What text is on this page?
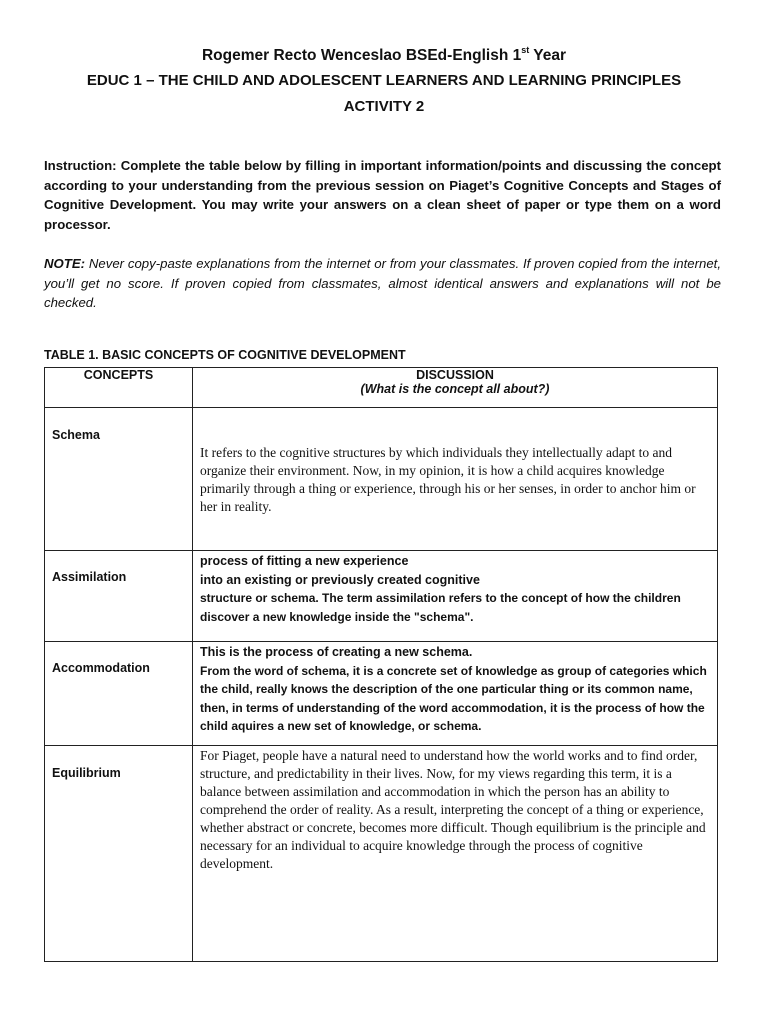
Rogemer Recto Wenceslao BSEd-English 1st Year
EDUC 1 – THE CHILD AND ADOLESCENT LEARNERS AND LEARNING PRINCIPLES
ACTIVITY 2
Instruction: Complete the table below by filling in important information/points and discussing the concept according to your understanding from the previous session on Piaget’s Cognitive Concepts and Stages of Cognitive Development. You may write your answers on a clean sheet of paper or type them on a word processor.
NOTE: Never copy-paste explanations from the internet or from your classmates. If proven copied from the internet, you’ll get no score. If proven copied from classmates, almost identical answers and explanations will not be checked.
TABLE 1. BASIC CONCEPTS OF COGNITIVE DEVELOPMENT
CONCEPTS	DISCUSSION
(What is the concept all about?)

Schema	It refers to the cognitive structures by which individuals they intellectually adapt to and organize their environment. Now, in my opinion, it is how a child acquires knowledge primarily through a thing or experience, through his or her senses, in order to anchor him or her in reality.

Assimilation	process of fitting a new experience
into an existing or previously created cognitive
structure or schema. The term assimilation refers to the concept of how the children discover a new knowledge inside the "schema".

Accommodation	This is the process of creating a new schema.
From the word of schema, it is a concrete set of knowledge as group of categories which the child, really knows the description of the one particular thing or its common name, then, in terms of understanding of the word accommodation, it is the process of how the child aquires a new set of knowledge, or schema.

Equilibrium	For Piaget, people have a natural need to understand how the world works and to find order, structure, and predictability in their lives. Now, for my views regarding this term, it is a balance between assimilation and accommodation in which the person has an ability to comprehend the order of reality. As a result, interpreting the concept of a thing or experience, whether abstract or concrete, becomes more difficult. Though equilibrium is the principle and necessary for an individual to acquire knowledge through the process of cognitive development.
